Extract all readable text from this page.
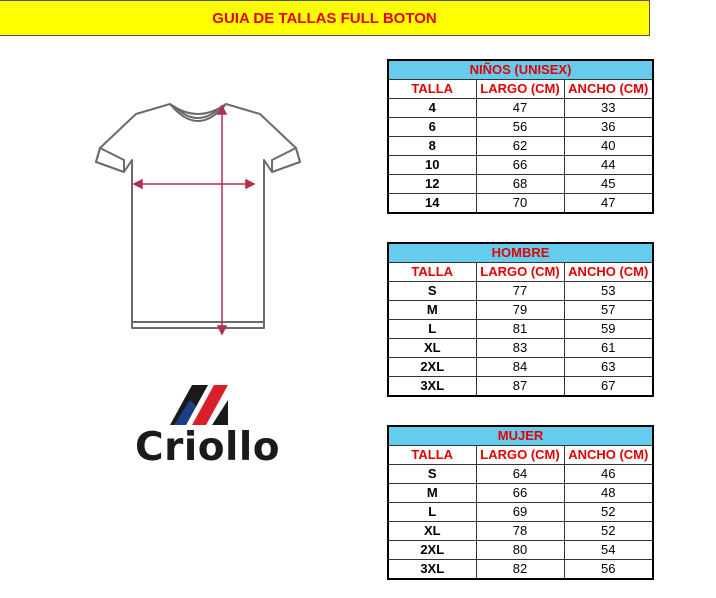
GUIA DE TALLAS FULL BOTON
Criollo
NIÑOS (UNISEX)		
TALLA	LARGO (CM)	ANCHO (CM)
4	47	33
6	56	36
8	62	40
10	66	44
12	68	45
14	70	47
HOMBRE		
TALLA	LARGO (CM)	ANCHO (CM)
S	77	53
M	79	57
L	81	59
XL	83	61
2XL	84	63
3XL	87	67
MUJER		
TALLA	LARGO (CM)	ANCHO (CM)
S	64	46
M	66	48
L	69	52
XL	78	52
2XL	80	54
3XL	82	56
